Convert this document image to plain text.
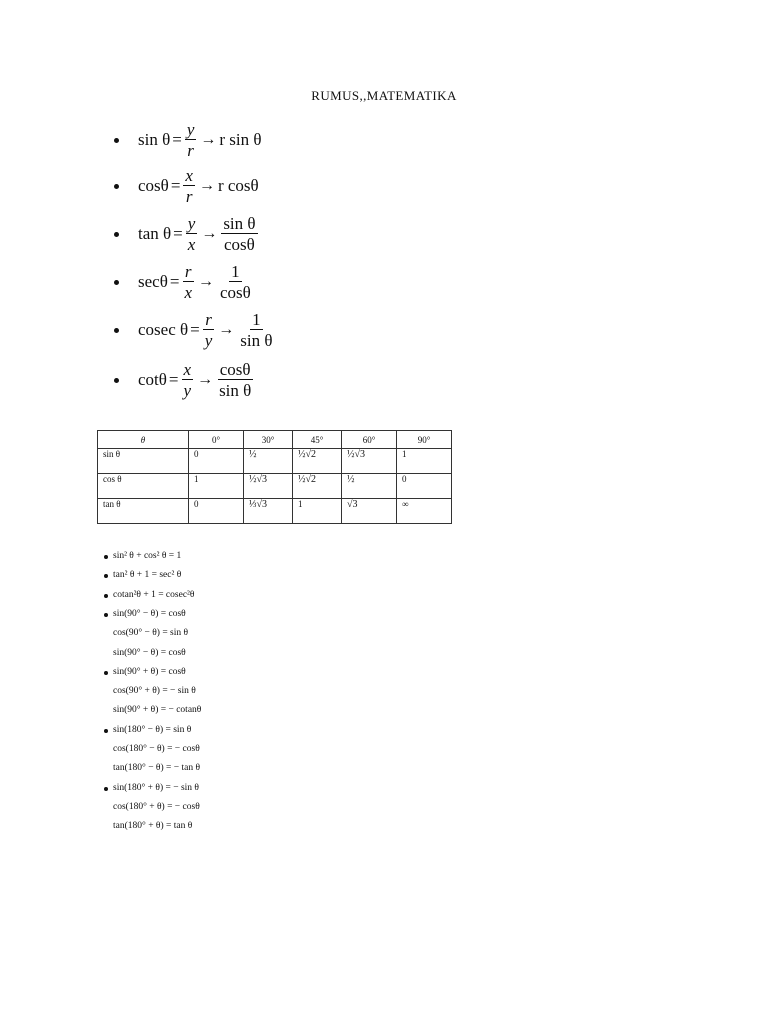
RUMUS,,MATEMATIKA
$\sin \theta = \frac{y}{r} \to r$ sin θ
$\cos\theta = \frac{x}{r} \to r$ cosθ
$\tan \theta = \frac{y}{x} \to \frac{\text{sin θ}}{\cos\theta}$
$\sec\theta = \frac{r}{x} \to \frac{1}{\cos\theta}$
cosec $\theta = \frac{r}{y} \to \frac{1}{\text{sin θ}}$
$\cot\theta = \frac{x}{y} \to \frac{\cos\theta}{\text{sin θ}}$
θ	0°	30°	45°	60°	90°
sin θ	0	½	½√2	½√3	1
cos θ	1	½√3	½√2	½	0
tan θ	0	⅓√3	1	√3	∞
sin² θ + cos² θ = 1
tan² θ + 1 = sec² θ
cotan²θ + 1 = cosec²θ
sin(90° − θ) = cosθ
cos(90° − θ) = sin θ
sin(90° − θ) = cosθ
sin(90° + θ) = cosθ
cos(90° + θ) = − sin θ
sin(90° + θ) = − cotanθ
sin(180° − θ) = sin θ
cos(180° − θ) = − cosθ
tan(180° − θ) = − tan θ
sin(180° + θ) = − sin θ
cos(180° + θ) = − cosθ
tan(180° + θ) = tan θ
